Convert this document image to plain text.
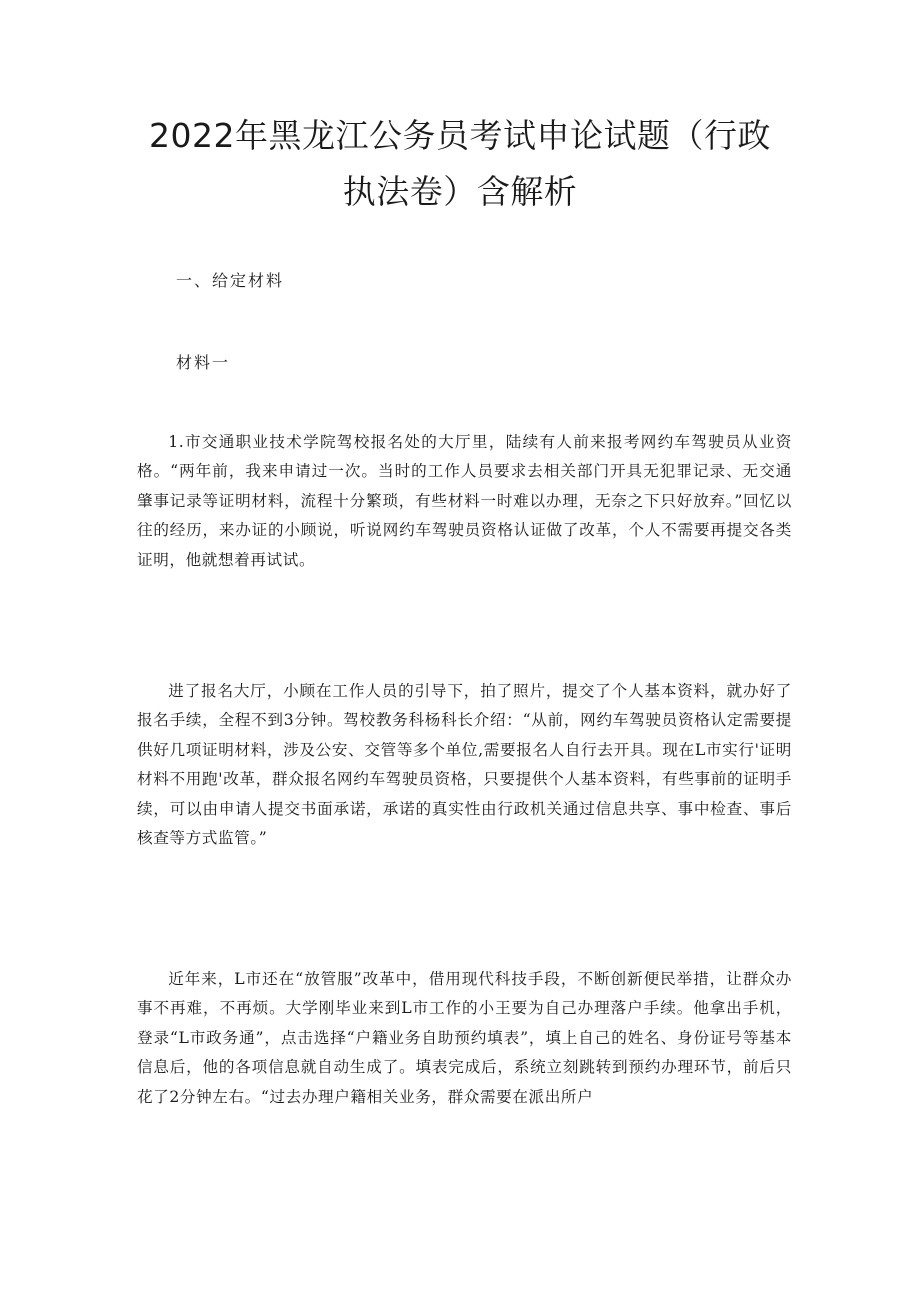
2022年黑龙江公务员考试申论试题（行政
执法卷）含解析
一、给定材料
材料一

1.市交通职业技术学院驾校报名处的大厅里，陆续有人前来报考网约车驾驶员从业资格。“两年前，我来申请过一次。当时的工作人员要求去相关部门开具无犯罪记录、无交通肇事记录等证明材料，流程十分繁琐，有些材料一时难以办理，无奈之下只好放弃。”回忆以往的经历，来办证的小顾说，听说网约车驾驶员资格认证做了改革，个人不需要再提交各类证明，他就想着再试试。

进了报名大厅，小顾在工作人员的引导下，拍了照片，提交了个人基本资料，就办好了报名手续，全程不到3分钟。驾校教务科杨科长介绍：“从前，网约车驾驶员资格认定需要提供好几项证明材料，涉及公安、交管等多个单位,需要报名人自行去开具。现在L市实行'证明材料不用跑'改革，群众报名网约车驾驶员资格，只要提供个人基本资料，有些事前的证明手续，可以由申请人提交书面承诺，承诺的真实性由行政机关通过信息共享、事中检查、事后核查等方式监管。”

近年来，L市还在“放管服”改革中，借用现代科技手段，不断创新便民举措，让群众办事不再难，不再烦。大学刚毕业来到L市工作的小王要为自己办理落户手续。他拿出手机，登录“L市政务通”，点击选择“户籍业务自助预约填表”，填上自己的姓名、身份证号等基本信息后，他的各项信息就自动生成了。填表完成后，系统立刻跳转到预约办理环节，前后只花了2分钟左右。“过去办理户籍相关业务，群众需要在派出所户
